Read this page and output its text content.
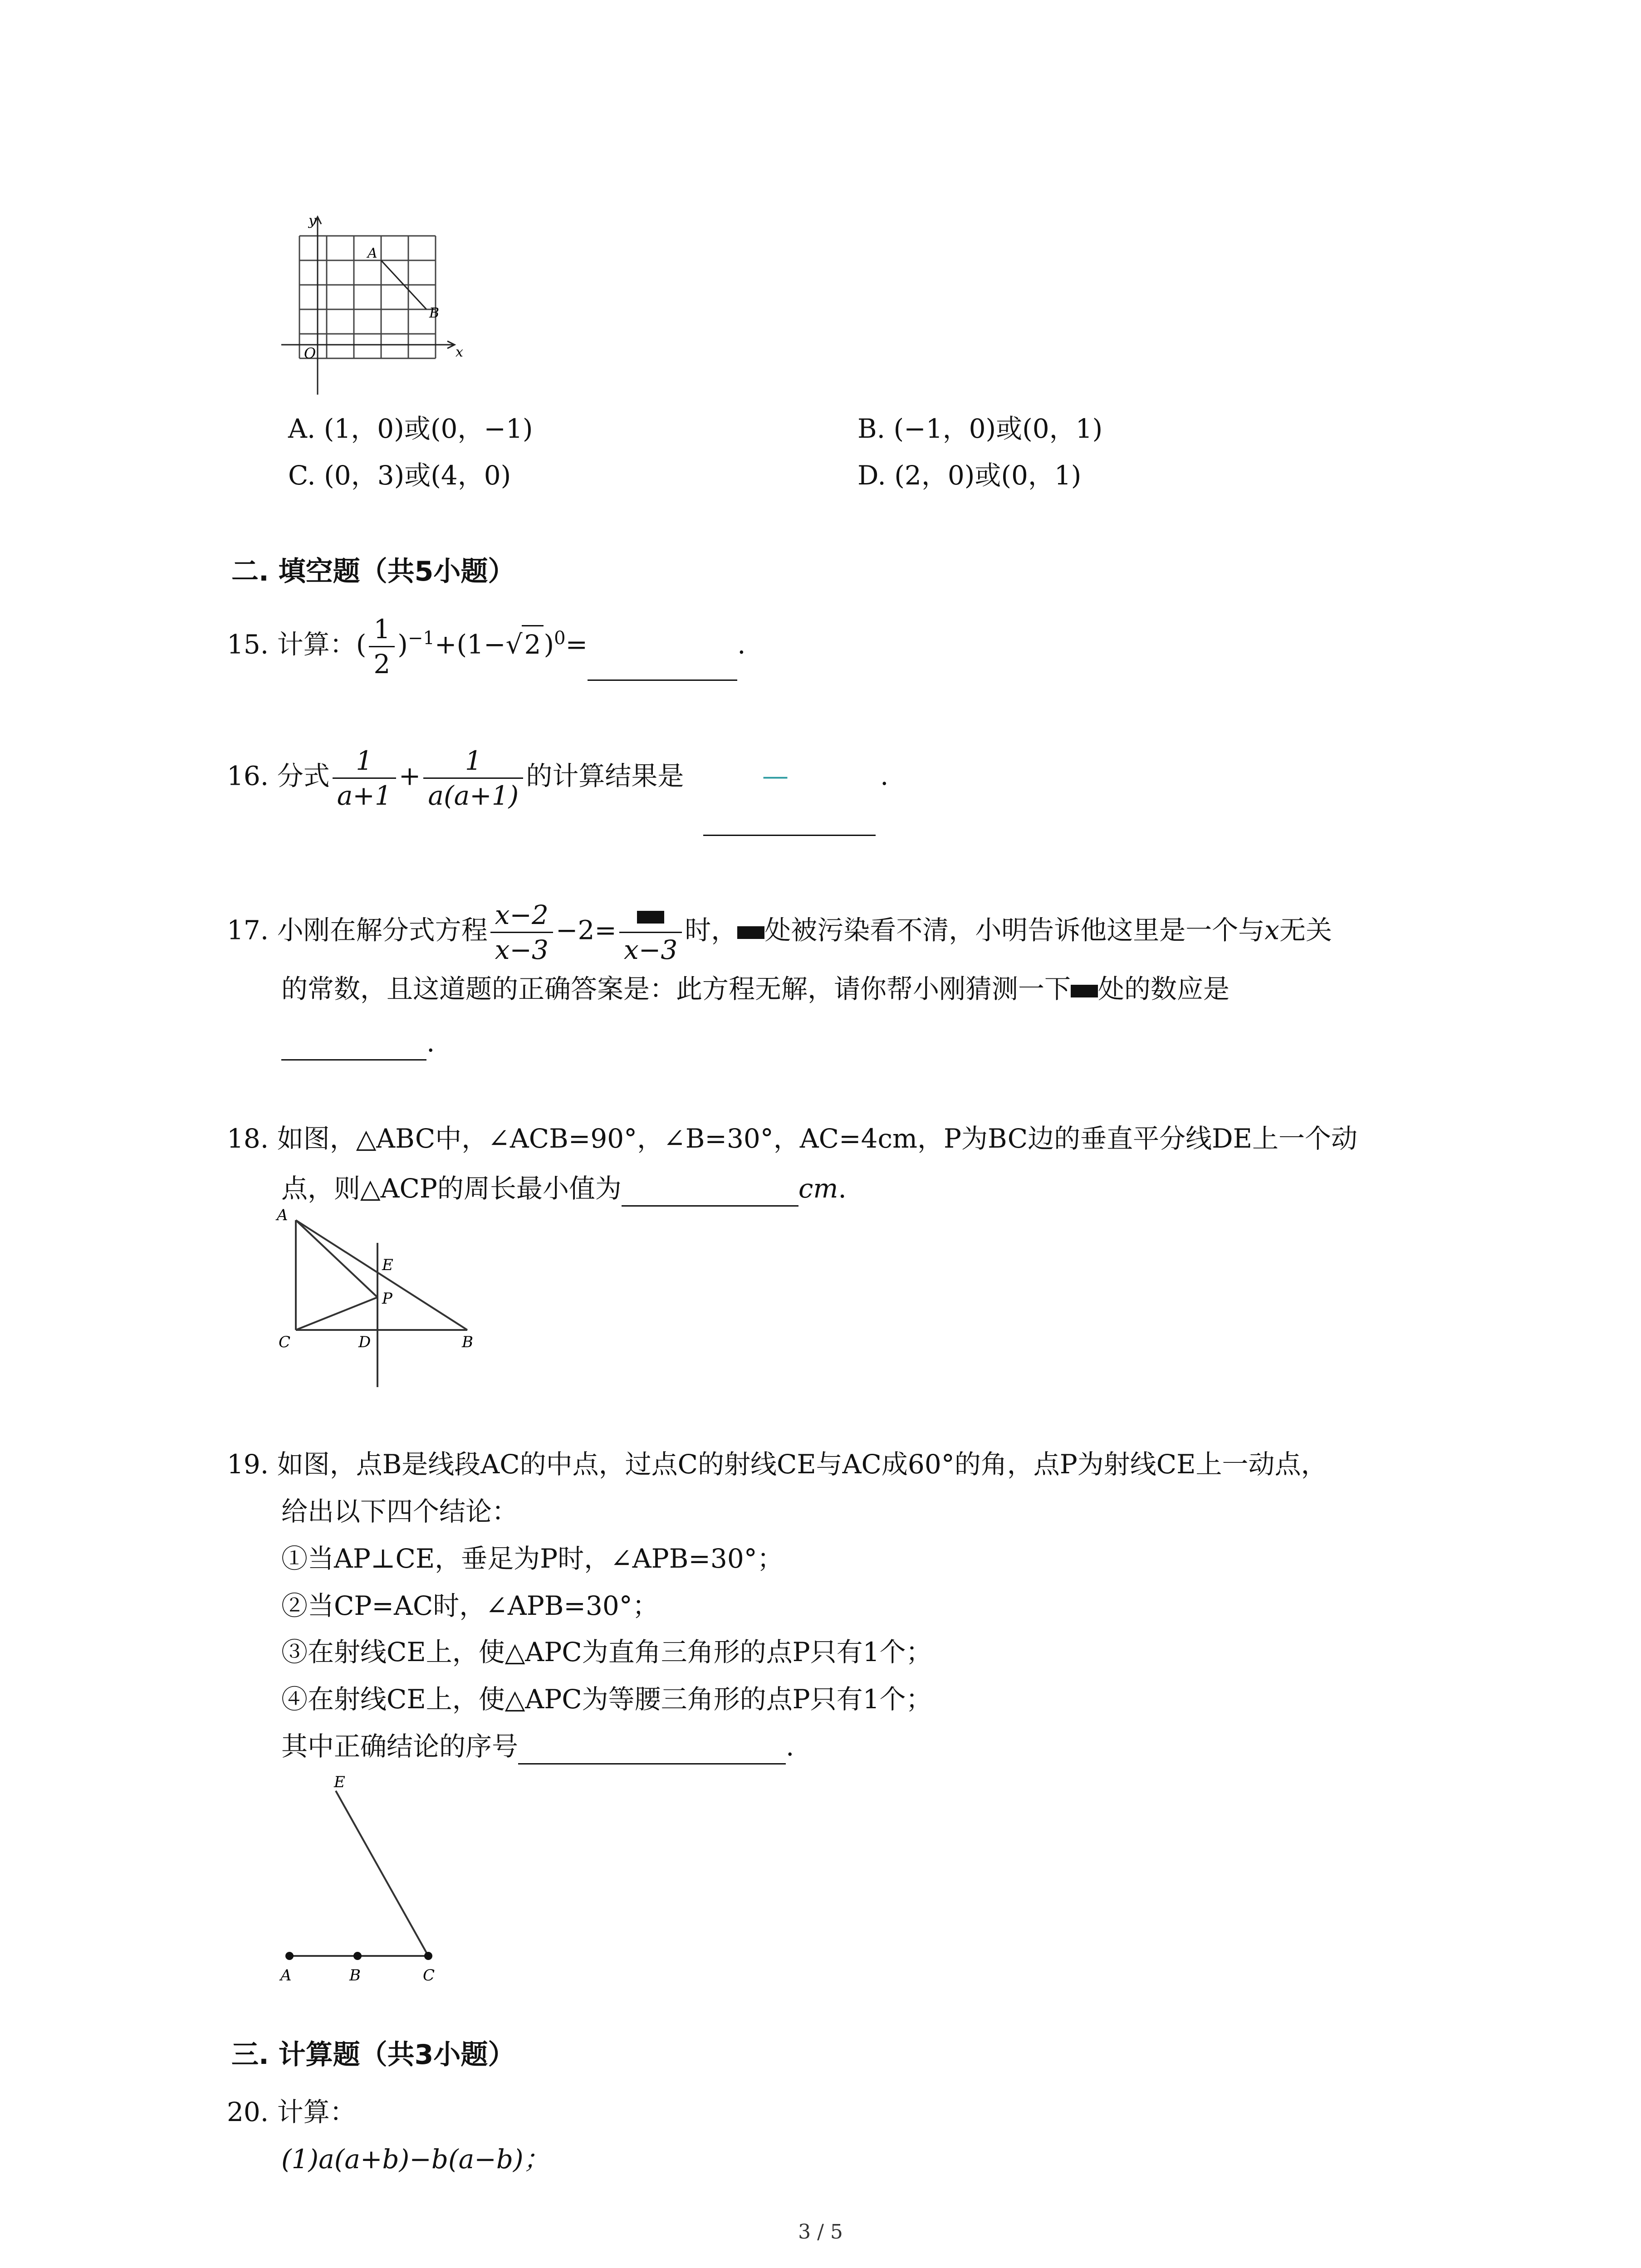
y
x
O
A
B
A. (1，0)或(0，−1)	B. (−1，0)或(0，1)
C. (0，3)或(4，0)	D. (2，0)或(0，1)
二. 填空题（共5小题）
15. 计算：( $\frac{1}{2} )^{-1}+(1-√2$ )$^0$=	.
16. 分式 $\frac{1}{a+1} + \frac{1}{a(a+1)}$ 的计算结果是	—	.
17. 小刚在解分式方程 $\frac{x-2}{x-3} -2=$
x−3
时， 处被污染看不清，小明告诉他这里是一个与x无关
的常数，且这道题的正确答案是：此方程无解，请你帮小刚猜测一下 处的数应是
.
18. 如图，△ABC中，∠ACB=90°，∠B=30°，AC=4cm，P为BC边的垂直平分线DE上一个动
点，则△ACP的周长最小值为	cm.
A
E
P
C	D	B
19. 如图，点B是线段AC的中点，过点C的射线CE与AC成60°的角，点P为射线CE上一动点，
给出以下四个结论：
①当AP⊥CE，垂足为P时，∠APB=30°；
②当CP=AC时，∠APB=30°；
③在射线CE上，使△APC为直角三角形的点P只有1个；
④在射线CE上，使△APC为等腰三角形的点P只有1个；
其中正确结论的序号	.
E
A	B	C
三. 计算题（共3小题）
20. 计算：
(1)a(a+b)−b(a−b)；
3 / 5
